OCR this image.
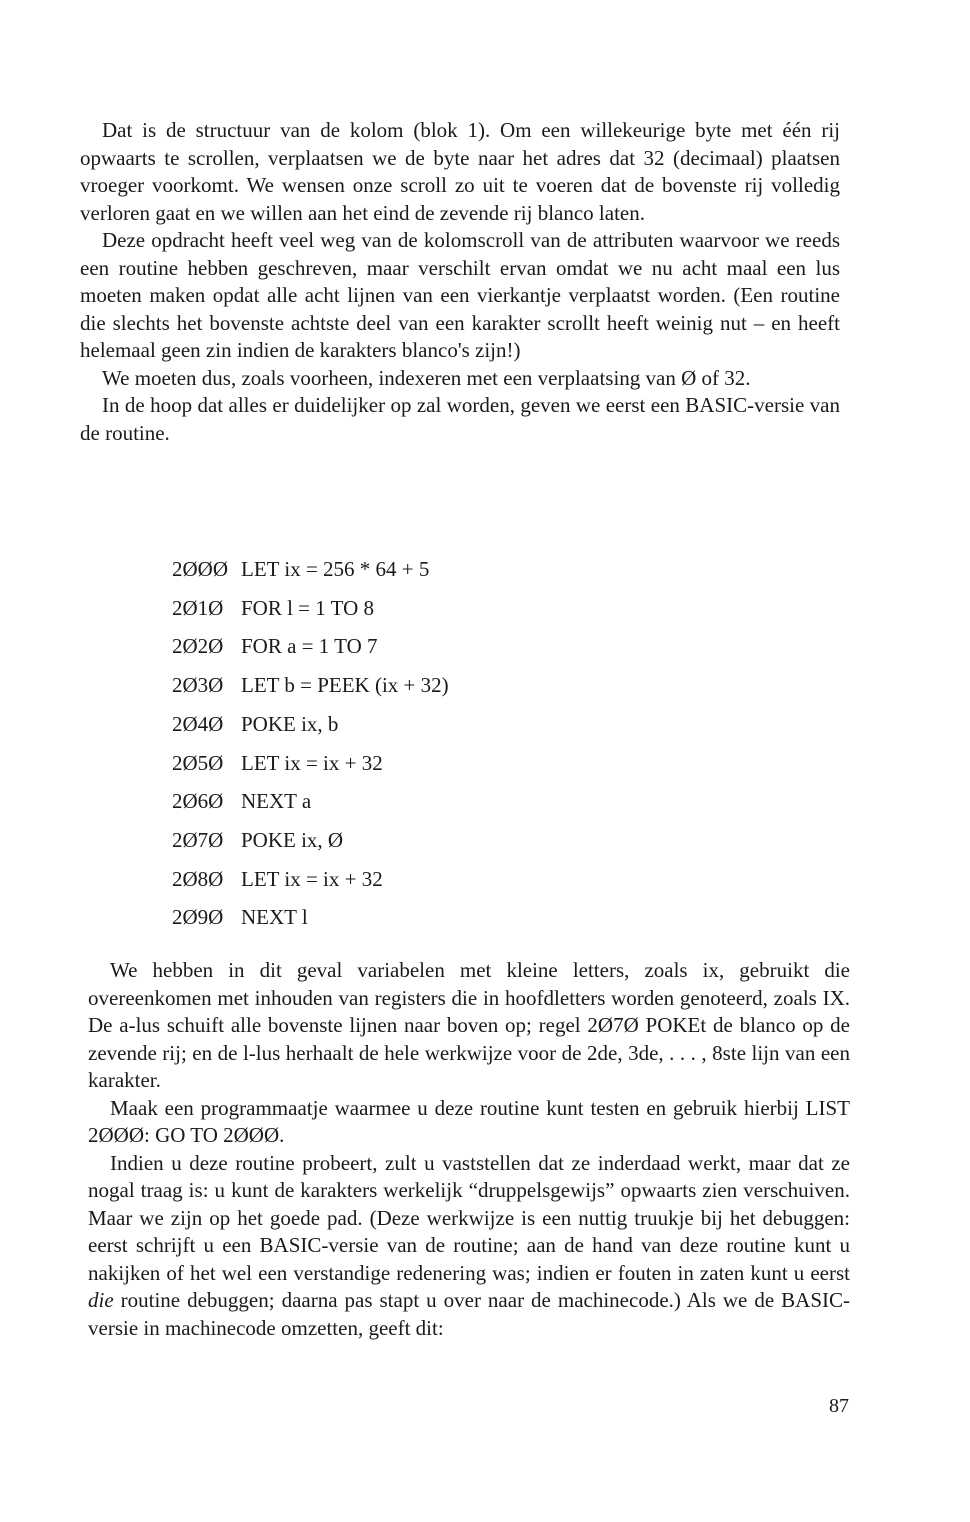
Dat is de structuur van de kolom (blok 1). Om een willekeurige byte met één rij opwaarts te scrollen, verplaatsen we de byte naar het adres dat 32 (decimaal) plaatsen vroeger voorkomt. We wensen onze scroll zo uit te voeren dat de bovenste rij volledig verloren gaat en we willen aan het eind de zevende rij blanco laten.

Deze opdracht heeft veel weg van de kolomscroll van de attributen waarvoor we reeds een routine hebben geschreven, maar verschilt ervan omdat we nu acht maal een lus moeten maken opdat alle acht lijnen van een vierkantje verplaatst worden. (Een routine die slechts het bovenste achtste deel van een karakter scrollt heeft weinig nut – en heeft helemaal geen zin indien de karakters blanco's zijn!)

We moeten dus, zoals voorheen, indexeren met een verplaatsing van Ø of 32.

In de hoop dat alles er duidelijker op zal worden, geven we eerst een BASIC-versie van de routine.

2ØØØ LET ix = 256 * 64 + 5
2Ø1Ø FOR l = 1 TO 8
2Ø2Ø FOR a = 1 TO 7
2Ø3Ø LET b = PEEK (ix + 32)
2Ø4Ø POKE ix, b
2Ø5Ø LET ix = ix + 32
2Ø6Ø NEXT a
2Ø7Ø POKE ix, Ø
2Ø8Ø LET ix = ix + 32
2Ø9Ø NEXT l

We hebben in dit geval variabelen met kleine letters, zoals ix, gebruikt die overeenkomen met inhouden van registers die in hoofdletters worden genoteerd, zoals IX. De a-lus schuift alle bovenste lijnen naar boven op; regel 2Ø7Ø POKEt de blanco op de zevende rij; en de l-lus herhaalt de hele werkwijze voor de 2de, 3de, . . . , 8ste lijn van een karakter.

Maak een programmaatje waarmee u deze routine kunt testen en gebruik hierbij LIST 2ØØØ: GO TO 2ØØØ.

Indien u deze routine probeert, zult u vaststellen dat ze inderdaad werkt, maar dat ze nogal traag is: u kunt de karakters werkelijk “druppelsgewijs” opwaarts zien verschuiven. Maar we zijn op het goede pad. (Deze werkwijze is een nuttig truukje bij het debuggen: eerst schrijft u een BASIC-versie van de routine; aan de hand van deze routine kunt u nakijken of het wel een verstandige redenering was; indien er fouten in zaten kunt u eerst die routine debuggen; daarna pas stapt u over naar de machinecode.) Als we de BASIC-versie in machinecode omzetten, geeft dit:

87
